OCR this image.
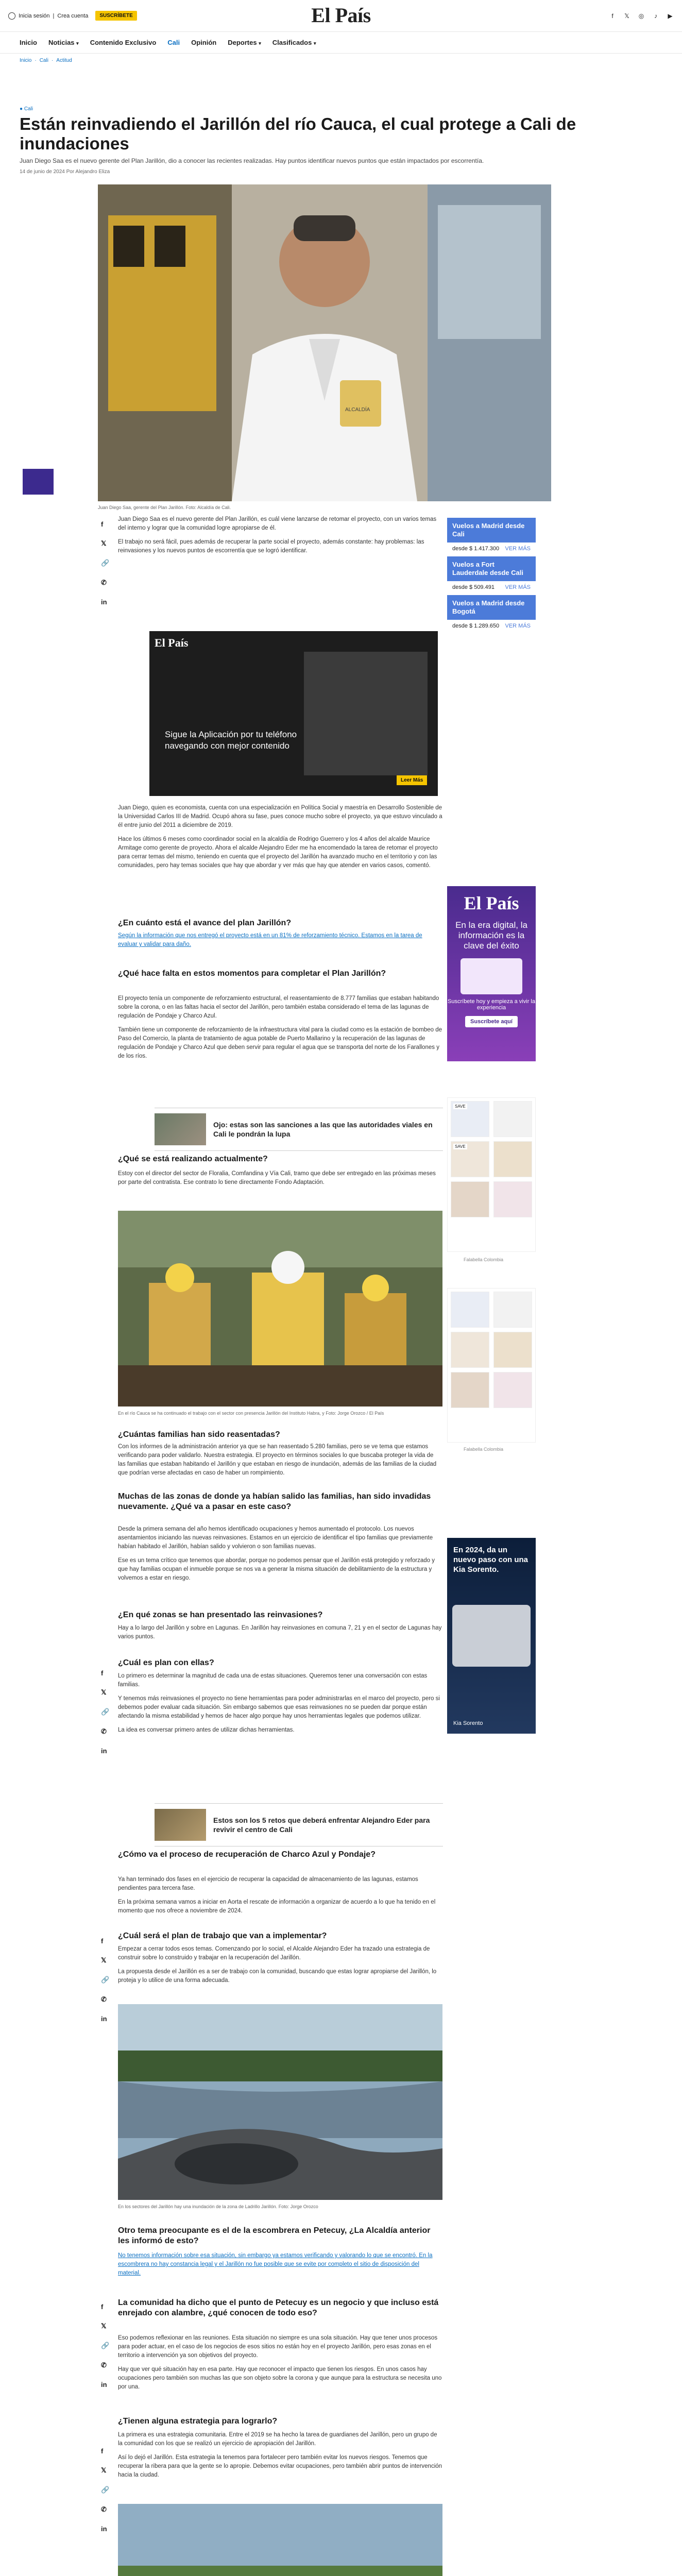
Inicia sesión | Crea cuenta	SUSCRÍBETE	El País	f	𝕏 ◎	♪	▶
Inicio Noticias ▾ Contenido Exclusivo Cali Opinión Deportes ▾ Clasificados ▾
Inicio · Cali · Actitud
● Cali
Están reinvadiendo el Jarillón del río Cauca, el cual protege a Cali de inundaciones
Juan Diego Saa es el nuevo gerente del Plan Jarillón, dio a conocer las recientes realizadas. Hay puntos identificar nuevos puntos que están impactados por escorrentía.
14 de junio de 2024 Por Alejandro Eliza
ALCALDÍA
Juan Diego Saa, gerente del Plan Jarillón. Foto: Alcaldía de Cali.
f
𝕏
🔗
✆
in

Juan Diego Saa es el nuevo gerente del Plan Jarillón, es cuál viene lanzarse de retomar el proyecto, con un varios temas del interno y lograr que la comunidad logre apropiarse de él.

El trabajo no será fácil, pues además de recuperar la parte social el proyecto, además constante: hay problemas: las reinvasiones y los nuevos puntos de escorrentía que se logró identificar.

El País
Sigue la Aplicación por tu teléfono navegando con mejor contenido
Leer Más

Juan Diego, quien es economista, cuenta con una especialización en Política Social y maestría en Desarrollo Sostenible de la Universidad Carlos III de Madrid. Ocupó ahora su fase, pues conoce mucho sobre el proyecto, ya que estuvo vinculado a él entre junio del 2011 a diciembre de 2019.

Hace los últimos 6 meses como coordinador social en la alcaldía de Rodrigo Guerrero y los 4 años del alcalde Maurice Armitage como gerente de proyecto. Ahora el alcalde Alejandro Eder me ha encomendado la tarea de retomar el proyecto para cerrar temas del mismo, teniendo en cuenta que el proyecto del Jarillón ha avanzado mucho en el territorio y con las comunidades, pero hay temas sociales que hay que abordar y ver más que hay que atender en varios casos, comentó.

¿En cuánto está el avance del plan Jarillón?

Según la información que nos entregó el proyecto está en un 81% de reforzamiento técnico. Estamos en la tarea de evaluar y validar para daño.

¿Qué hace falta en estos momentos para completar el Plan Jarillón?

El proyecto tenía un componente de reforzamiento estructural, el reasentamiento de 8.777 familias que estaban habitando sobre la corona, o en las faltas hacia el sector del Jarillón, pero también estaba considerado el tema de las lagunas de regulación de Pondaje y Charco Azul.

También tiene un componente de reforzamiento de la infraestructura vital para la ciudad como es la estación de bombeo de Paso del Comercio, la planta de tratamiento de agua potable de Puerto Mallarino y la recuperación de las lagunas de regulación de Pondaje y Charco Azul que deben servir para regular el agua que se transporta del norte de los Farallones y de los ríos.

Ojo: estas son las sanciones a las que las autoridades viales en Cali le pondrán la lupa
¿Qué se está realizando actualmente?

Estoy con el director del sector de Floralia, Comfandina y Vía Cali, tramo que debe ser entregado en las próximas meses por parte del contratista. Ese contrato lo tiene directamente Fondo Adaptación.

En el río Cauca se ha continuado el trabajo con el sector con presencia Jarillón del Instituto Habra, y Foto: Jorge Orozco / El País
¿Cuántas familias han sido reasentadas?

Con los informes de la administración anterior ya que se han reasentado 5.280 familias, pero se ve tema que estamos verificando para poder validarlo. Nuestra estrategia. El proyecto en términos sociales lo que buscaba proteger la vida de las familias que estaban habitando el Jarillón y que estaban en riesgo de inundación, además de las familias de la ciudad que podrían verse afectadas en caso de haber un rompimiento.

Muchas de las zonas de donde ya habían salido las familias, han sido invadidas nuevamente. ¿Qué va a pasar en este caso?

Desde la primera semana del año hemos identificado ocupaciones y hemos aumentado el protocolo. Los nuevos asentamientos iniciando las nuevas reinvasiones. Estamos en un ejercicio de identificar el tipo familias que previamente habían habitado el Jarillón, habían salido y volvieron o son familias nuevas.

Ese es un tema crítico que tenemos que abordar, porque no podemos pensar que el Jarillón está protegido y reforzado y que hay familias ocupan el inmueble porque se nos va a generar la misma situación de debilitamiento de la estructura y volvemos a estar en riesgo.

¿En qué zonas se han presentado las reinvasiones?

Hay a lo largo del Jarillón y sobre en Lagunas. En Jarillón hay reinvasiones en comuna 7, 21 y en el sector de Lagunas hay varios puntos.

f
𝕏
🔗
✆
in
¿Cuál es plan con ellas?

Lo primero es determinar la magnitud de cada una de estas situaciones. Queremos tener una conversación con estas familias.

Y tenemos más reinvasiones el proyecto no tiene herramientas para poder administrarlas en el marco del proyecto, pero si debemos poder evaluar cada situación. Sin embargo sabemos que esas reinvasiones no se pueden dar porque están afectando la misma estabilidad y hemos de hacer algo porque hay unos herramientas legales que podemos utilizar.

La idea es conversar primero antes de utilizar dichas herramientas.

Estos son los 5 retos que deberá enfrentar Alejandro Eder para revivir el centro de Cali
¿Cómo va el proceso de recuperación de Charco Azul y Pondaje?

Ya han terminado dos fases en el ejercicio de recuperar la capacidad de almacenamiento de las lagunas, estamos pendientes para tercera fase.

En la próxima semana vamos a iniciar en Aorta el rescate de información a organizar de acuerdo a lo que ha tenido en el momento que nos ofrece a noviembre de 2024.

f
𝕏
🔗
✆
in
¿Cuál será el plan de trabajo que van a implementar?

Empezar a cerrar todos esos temas. Comenzando por lo social, el Alcalde Alejandro Eder ha trazado una estrategia de construir sobre lo construido y trabajar en la recuperación del Jarillón.

La propuesta desde el Jarillón es a ser de trabajo con la comunidad, buscando que estas lograr apropiarse del Jarillón, lo proteja y lo utilice de una forma adecuada.

En los sectores del Jarillón hay una inundación de la zona de Ladrillo Jarillón. Foto: Jorge Orozco
Otro tema preocupante es el de la escombrera en Petecuy, ¿La Alcaldía anterior les informó de esto?

No tenemos información sobre esa situación, sin embargo ya estamos verificando y valorando lo que se encontró. En la escombrera no hay constancia legal y el Jarillón no fue posible que se evite por completo el sitio de disposición del material.

f
𝕏
🔗
✆
in
La comunidad ha dicho que el punto de Petecuy es un negocio y que incluso está enrejado con alambre, ¿qué conocen de todo eso?

Eso podemos reflexionar en las reuniones. Esta situación no siempre es una sola situación. Hay que tener unos procesos para poder actuar, en el caso de los negocios de esos sitios no están hoy en el proyecto Jarillón, pero esas zonas en el territorio a intervención ya son objetivos del proyecto.

Hay que ver qué situación hay en esa parte. Hay que reconocer el impacto que tienen los riesgos. En unos casos hay ocupaciones pero también son muchas las que son objeto sobre la corona y que aunque para la estructura se necesita uno por una.

¿Tienen alguna estrategia para lograrlo?

La primera es una estrategia comunitaria. Entre el 2019 se ha hecho la tarea de guardianes del Jarillón, pero un grupo de la comunidad con los que se realizó un ejercicio de apropiación del Jarillón.

Así lo dejó el Jarillón. Esta estrategia la tenemos para fortalecer pero también evitar los nuevos riesgos. Tenemos que recuperar la ribera para que la gente se lo apropie. Debemos evitar ocupaciones, pero también abrir puntos de intervención hacia la ciudad.

f
𝕏
🔗
✆
in
Vuelos a Madrid desde Cali
desde $ 1.417.300 VER MÁS
Vuelos a Fort Lauderdale desde Cali
desde $ 509.491 VER MÁS
Vuelos a Madrid desde Bogotá
desde $ 1.289.650 VER MÁS
El País
En la era digital, la información es la clave del éxito
Suscríbete hoy y empieza a vivir la experiencia
Suscríbete aquí
SAVE
SAVE
Falabella Colombia
Falabella Colombia
En 2024, da un nuevo paso con una Kia Sorento.
Kia Sorento
